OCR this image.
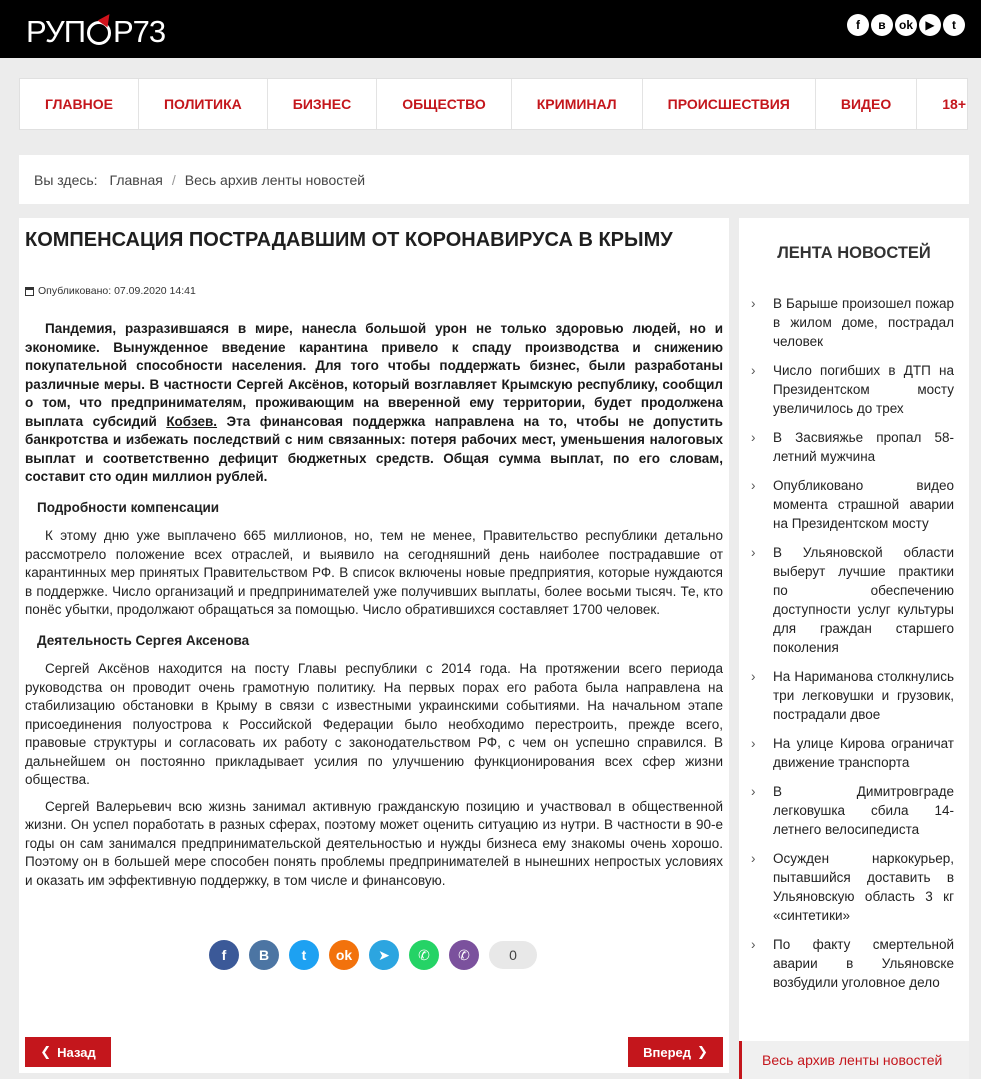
РУП Р73	f	в	ok	▶	t
ГЛАВНОЕ	ПОЛИТИКА	БИЗНЕС	ОБЩЕСТВО	КРИМИНАЛ	ПРОИСШЕСТВИЯ	ВИДЕО	18+
Вы здесь: Главная / Весь архив ленты новостей
КОМПЕНСАЦИЯ ПОСТРАДАВШИМ ОТ КОРОНАВИРУСА В КРЫМУ
Опубликовано: 07.09.2020 14:41

Пандемия, разразившаяся в мире, нанесла большой урон не только здоровью людей, но и экономике. Вынужденное введение карантина привело к спаду производства и снижению покупательной способности населения. Для того чтобы поддержать бизнес, были разработаны различные меры. В частности Сергей Аксёнов, который возглавляет Крымскую республику, сообщил о том, что предпринимателям, проживающим на вверенной ему территории, будет продолжена выплата субсидий Кобзев. Эта финансовая поддержка направлена на то, чтобы не допустить банкротства и избежать последствий с ним связанных: потеря рабочих мест, уменьшения налоговых выплат и соответственно дефицит бюджетных средств. Общая сумма выплат, по его словам, составит сто один миллион рублей.

Подробности компенсации

К этому дню уже выплачено 665 миллионов, но, тем не менее, Правительство республики детально рассмотрело положение всех отраслей, и выявило на сегодняшний день наиболее пострадавшие от карантинных мер принятых Правительством РФ. В список включены новые предприятия, которые нуждаются в поддержке. Число организаций и предпринимателей уже получивших выплаты, более восьми тысяч. Те, кто понёс убытки, продолжают обращаться за помощью. Число обратившихся составляет 1700 человек.

Деятельность Сергея Аксенова

Сергей Аксёнов находится на посту Главы республики с 2014 года. На протяжении всего периода руководства он проводит очень грамотную политику. На первых порах его работа была направлена на стабилизацию обстановки в Крыму в связи с известными украинскими событиями. На начальном этапе присоединения полуострова к Российской Федерации было необходимо перестроить, прежде всего, правовые структуры и согласовать их работу с законодательством РФ, с чем он успешно справился. В дальнейшем он постоянно прикладывает усилия по улучшению функционирования всех сфер жизни общества.

Сергей Валерьевич всю жизнь занимал активную гражданскую позицию и участвовал в общественной жизни. Он успел поработать в разных сферах, поэтому может оценить ситуацию из нутри. В частности в 90-е годы он сам занимался предпринимательской деятельностью и нужды бизнеса ему знакомы очень хорошо. Поэтому он в большей мере способен понять проблемы предпринимателей в нынешних непростых условиях и оказать им эффективную поддержку, в том числе и финансовую.

f	В	t	ok	➤	✆	✆	0
❮ Назад	Вперед ❯
ЛЕНТА НОВОСТЕЙ
› В Барыше произошел пожар в жилом доме, пострадал человек
› Число погибших в ДТП на Президентском мосту увеличилось до трех
› В Засвияжье пропал 58-летний мужчина
› Опубликовано видео момента страшной аварии на Президентском мосту
› В Ульяновской области выберут лучшие практики по обеспечению доступности услуг культуры для граждан старшего поколения
› На Нариманова столкнулись три легковушки и грузовик, пострадали двое
› На улице Кирова ограничат движение транспорта
› В Димитровграде легковушка сбила 14-летнего велосипедиста
› Осужден наркокурьер, пытавшийся доставить в Ульяновскую область 3 кг «синтетики»
› По факту смертельной аварии в Ульяновске возбудили уголовное дело
Весь архив ленты новостей
